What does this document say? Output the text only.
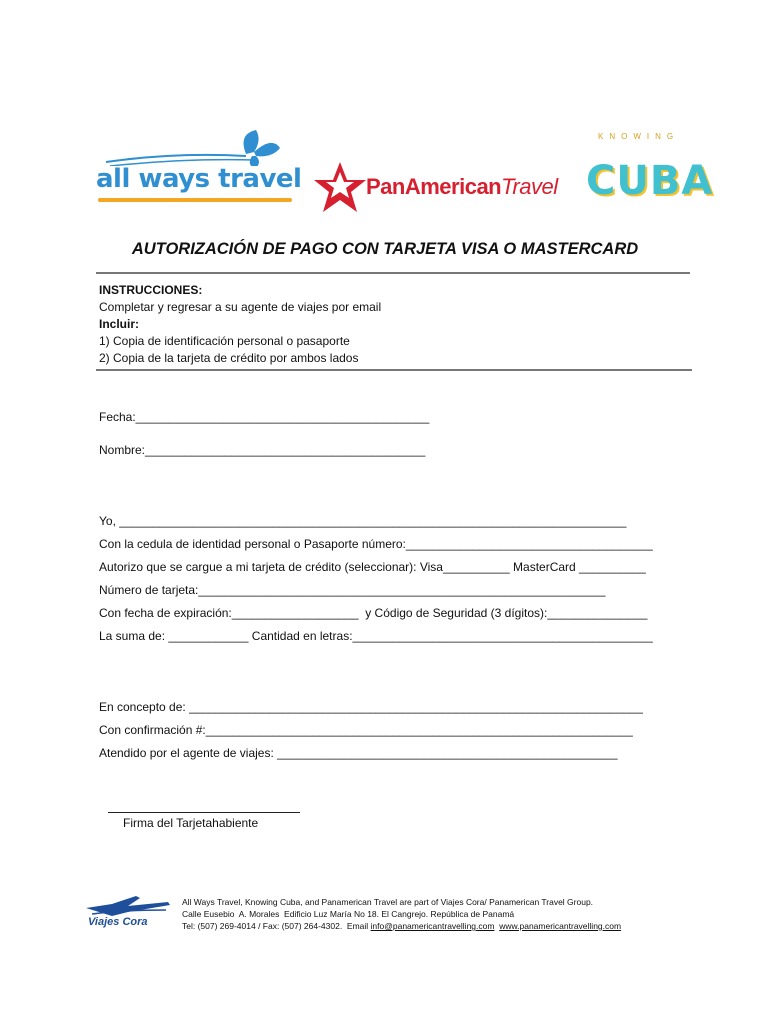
all ways travel	PanAmericanTravel
KNOWING
CUBA
AUTORIZACIÓN DE PAGO CON TARJETA VISA O MASTERCARD
INSTRUCCIONES:
Completar y regresar a su agente de viajes por email
Incluir:
1) Copia de identificación personal o pasaporte
2) Copia de la tarjeta de crédito por ambos lados
Fecha:____________________________________________
Nombre:__________________________________________
Yo, ____________________________________________________________________________
Con la cedula de identidad personal o Pasaporte número:_____________________________________
Autorizo que se cargue a mi tarjeta de crédito (seleccionar): Visa__________ MasterCard __________
Número de tarjeta:_____________________________________________________________
Con fecha de expiración:___________________  y Código de Seguridad (3 dígitos):_______________
La suma de: ____________ Cantidad en letras:_____________________________________________
En concepto de: ____________________________________________________________________
Con confirmación #:________________________________________________________________
Atendido por el agente de viajes: ___________________________________________________
Firma del Tarjetahabiente
Viajes Cora
All Ways Travel, Knowing Cuba, and Panamerican Travel are part of Viajes Cora/ Panamerican Travel Group.
Calle Eusebio  A. Morales  Edificio Luz María No 18. El Cangrejo. República de Panamá
Tel: (507) 269-4014 / Fax: (507) 264-4302.  Email info@panamericantravelling.com www.panamericantravelling.com
